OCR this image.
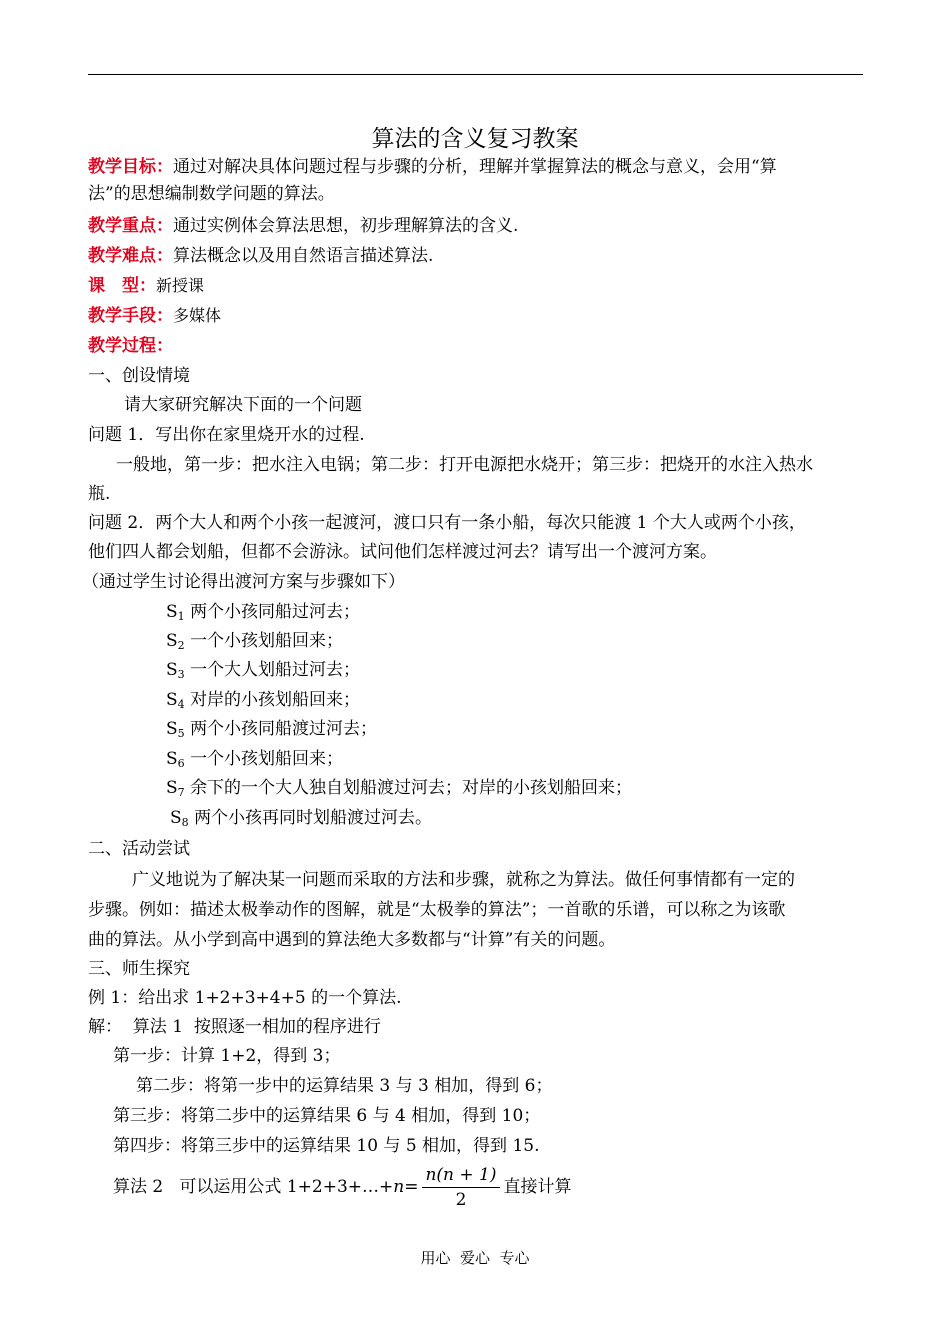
算法的含义复习教案
教学目标：通过对解决具体问题过程与步骤的分析，理解并掌握算法的概念与意义，会用“算
法”的思想编制数学问题的算法。
教学重点：通过实例体会算法思想，初步理解算法的含义.
教学难点：算法概念以及用自然语言描述算法.
课　型：新授课
教学手段：多媒体
教学过程：
一、创设情境
请大家研究解决下面的一个问题
问题 1．写出你在家里烧开水的过程.
一般地，第一步：把水注入电锅；第二步：打开电源把水烧开；第三步：把烧开的水注入热水
瓶.
问题 2．两个大人和两个小孩一起渡河，渡口只有一条小船，每次只能渡 1 个大人或两个小孩，
他们四人都会划船，但都不会游泳。试问他们怎样渡过河去？请写出一个渡河方案。
（通过学生讨论得出渡河方案与步骤如下）
$S_1$ 两个小孩同船过河去；
$S_2$ 一个小孩划船回来；
$S_3$ 一个大人划船过河去；
$S_4$ 对岸的小孩划船回来；
$S_5$ 两个小孩同船渡过河去；
$S_6$ 一个小孩划船回来；
$S_7$ 余下的一个大人独自划船渡过河去；对岸的小孩划船回来；
$S_8$ 两个小孩再同时划船渡过河去。
二、活动尝试
广义地说为了解决某一问题而采取的方法和步骤，就称之为算法。做任何事情都有一定的
步骤。例如：描述太极拳动作的图解，就是“太极拳的算法”；一首歌的乐谱，可以称之为该歌
曲的算法。从小学到高中遇到的算法绝大多数都与“计算”有关的问题。
三、师生探究
例 1：给出求 1+2+3+4+5 的一个算法.
解：  算法 1  按照逐一相加的程序进行
第一步：计算 1+2，得到 3；
第二步：将第一步中的运算结果 3 与 3 相加，得到 6；
第三步：将第二步中的运算结果 6 与 4 相加，得到 10；
第四步：将第三步中的运算结果 10 与 5 相加，得到 15.
算法 2   可以运用公式 1+2+3+…+n= $\frac{n(n + 1)}{2}$ 直接计算
用心  爱心  专心
